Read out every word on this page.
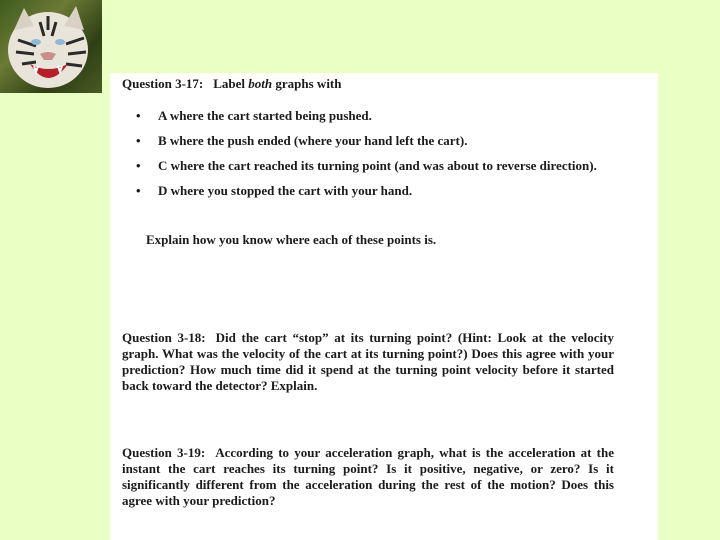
Question 3-17: Label both graphs with
• A where the cart started being pushed.
• B where the push ended (where your hand left the cart).
• C where the cart reached its turning point (and was about to reverse direction).
• D where you stopped the cart with your hand.
Explain how you know where each of these points is.
Question 3-18: Did the cart “stop” at its turning point? (Hint: Look at the velocity graph. What was the velocity of the cart at its turning point?) Does this agree with your prediction? How much time did it spend at the turning point velocity before it started back toward the detector? Explain.
Question 3-19: According to your acceleration graph, what is the acceleration at the instant the cart reaches its turning point? Is it positive, negative, or zero? Is it significantly different from the acceleration during the rest of the motion? Does this agree with your prediction?
